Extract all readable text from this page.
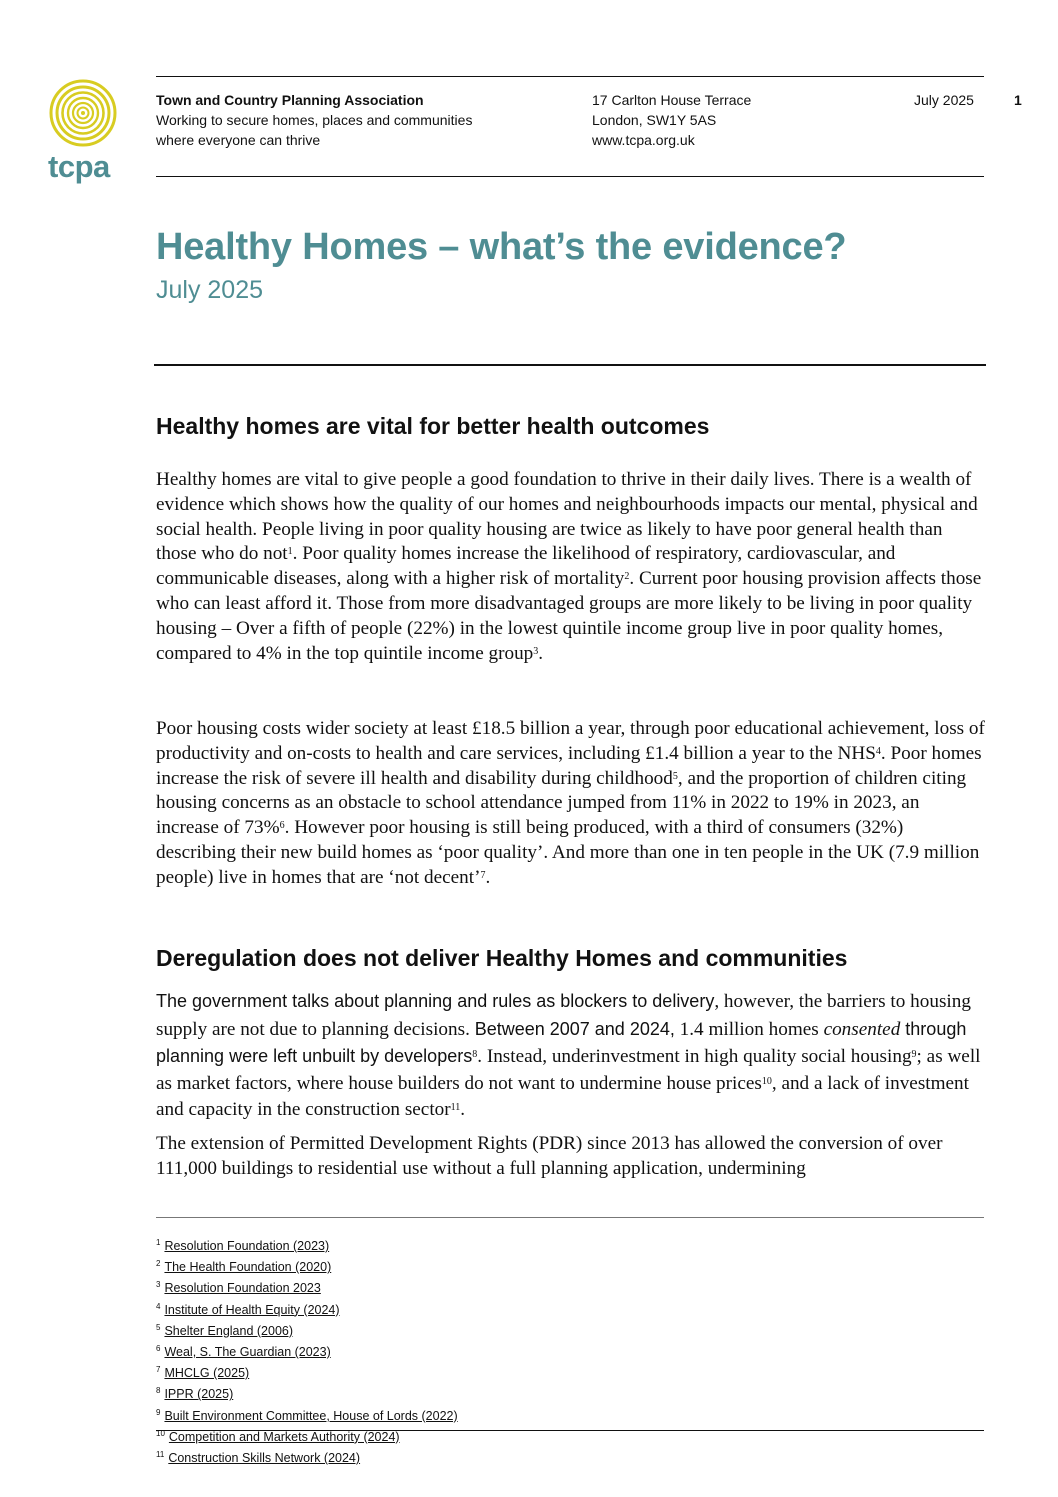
tcpa
Town and Country Planning Association
Working to secure homes, places and communities
where everyone can thrive
17 Carlton House Terrace
London, SW1Y 5AS
www.tcpa.org.uk
July 2025	1
Healthy Homes – what’s the evidence?
July 2025
Healthy homes are vital for better health outcomes

Healthy homes are vital to give people a good foundation to thrive in their daily lives. There is a wealth of evidence which shows how the quality of our homes and neighbourhoods impacts our mental, physical and social health. People living in poor quality housing are twice as likely to have poor general health than those who do not$^1$. Poor quality homes increase the likelihood of respiratory, cardiovascular, and communicable diseases, along with a higher risk of mortality$^2$. Current poor housing provision affects those who can least afford it. Those from more disadvantaged groups are more likely to be living in poor quality housing – Over a fifth of people (22%) in the lowest quintile income group live in poor quality homes, compared to 4% in the top quintile income group$^3$.

Poor housing costs wider society at least £18.5 billion a year, through poor educational achievement, loss of productivity and on-costs to health and care services, including £1.4 billion a year to the NHS$^4$. Poor homes increase the risk of severe ill health and disability during childhood$^5$, and the proportion of children citing housing concerns as an obstacle to school attendance jumped from 11% in 2022 to 19% in 2023, an increase of 73%$^6$. However poor housing is still being produced, with a third of consumers (32%) describing their new build homes as ‘poor quality’. And more than one in ten people in the UK (7.9 million people) live in homes that are ‘not decent’$^7$.

Deregulation does not deliver Healthy Homes and communities

The government talks about planning and rules as blockers to delivery, however, the barriers to housing supply are not due to planning decisions. Between 2007 and 2024, 1.4 million homes consented through planning were left unbuilt by developers$^8$. Instead, underinvestment in high quality social housing$^9$; as well as market factors, where house builders do not want to undermine house prices$^{10}$, and a lack of investment and capacity in the construction sector$^{11}$.

The extension of Permitted Development Rights (PDR) since 2013 has allowed the conversion of over 111,000 buildings to residential use without a full planning application, undermining

$^1$ Resolution Foundation (2023)
$^2$ The Health Foundation (2020)
$^3$ Resolution Foundation 2023
$^4$ Institute of Health Equity (2024)
$^5$ Shelter England (2006)
$^6$ Weal, S. The Guardian (2023)
$^7$ MHCLG (2025)
$^8$ IPPR (2025)
$^9$ Built Environment Committee, House of Lords (2022)
$^{10}$ Competition and Markets Authority (2024)
$^{11}$ Construction Skills Network (2024)
